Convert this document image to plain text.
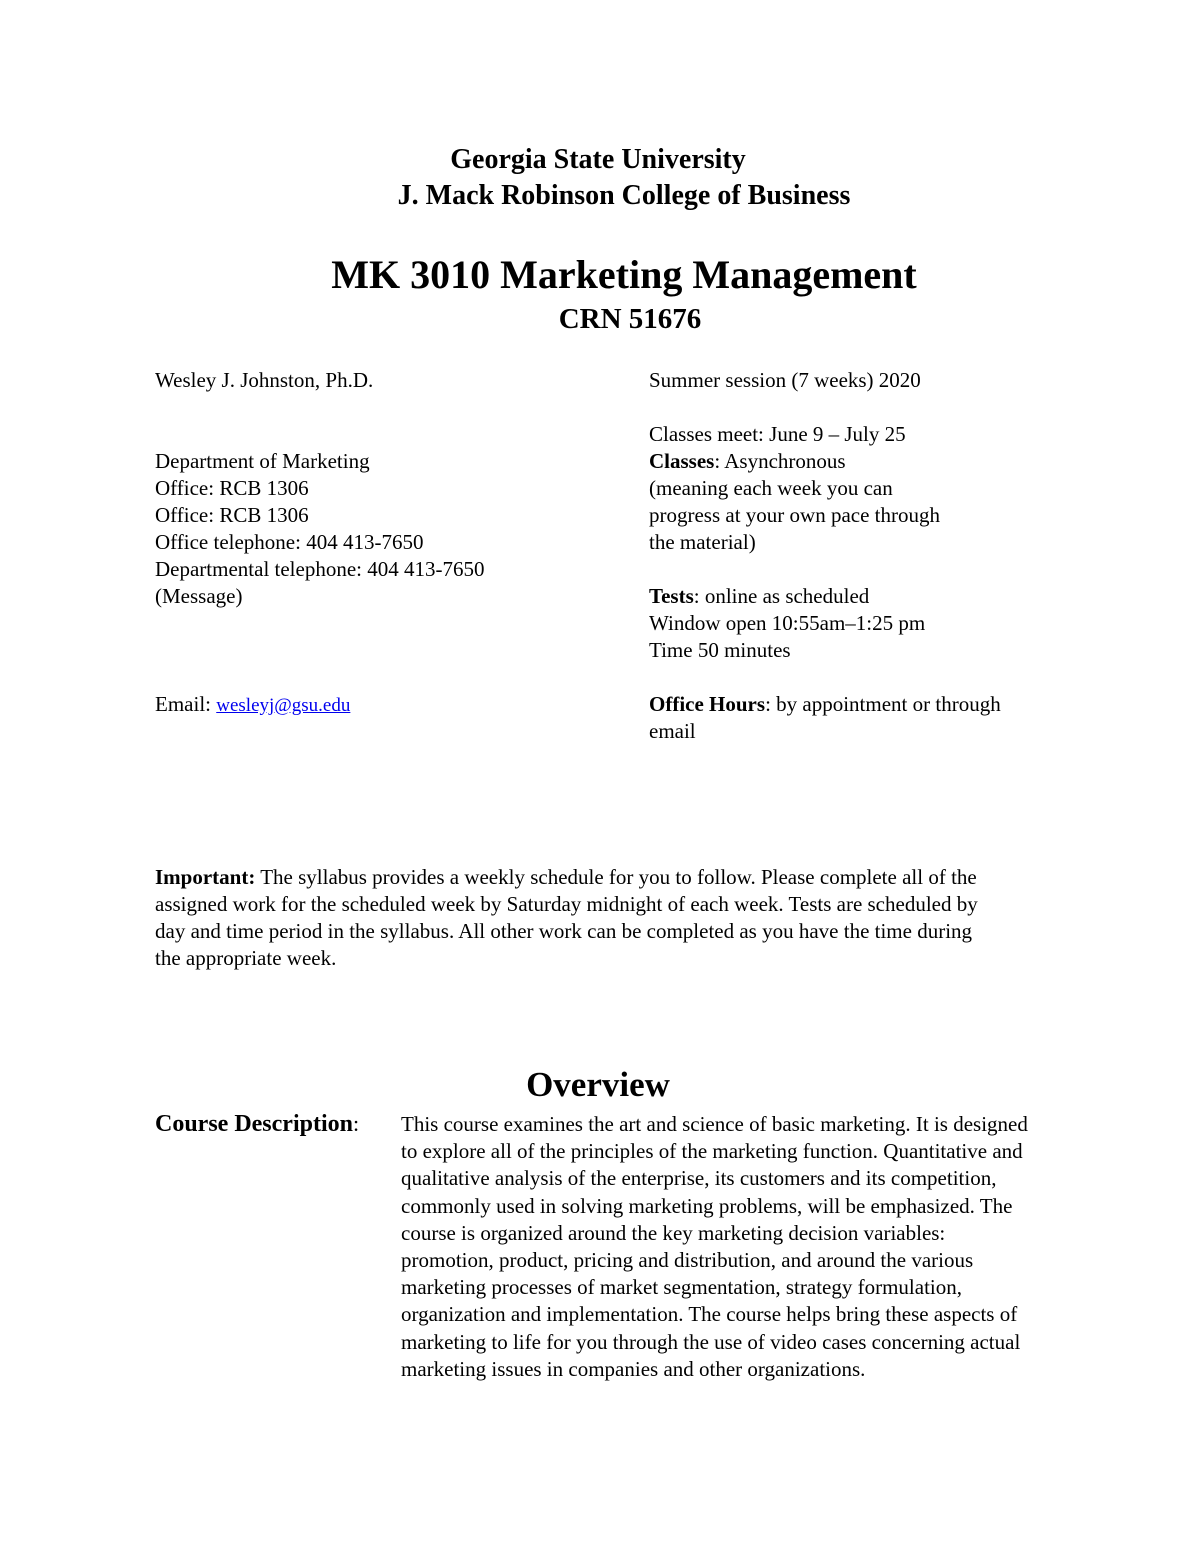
Georgia State University
J. Mack Robinson College of Business
MK 3010 Marketing Management
CRN 51676
Wesley J. Johnston, Ph.D.
Department of Marketing
Office: RCB 1306
Office: RCB 1306
Office telephone: 404 413-7650
Departmental telephone: 404 413-7650
(Message)
Email: wesleyj@gsu.edu
Summer session (7 weeks) 2020
Classes meet: June 9 – July 25
Classes: Asynchronous
(meaning each week you can
progress at your own pace through
the material)
Tests: online as scheduled
Window open 10:55am–1:25 pm
Time 50 minutes
Office Hours: by appointment or through
email
Important: The syllabus provides a weekly schedule for you to follow. Please complete all of the
assigned work for the scheduled week by Saturday midnight of each week. Tests are scheduled by
day and time period in the syllabus. All other work can be completed as you have the time during
the appropriate week.
Overview
Course Description: This course examines the art and science of basic marketing. It is designed
to explore all of the principles of the marketing function. Quantitative and
qualitative analysis of the enterprise, its customers and its competition,
commonly used in solving marketing problems, will be emphasized. The
course is organized around the key marketing decision variables:
promotion, product, pricing and distribution, and around the various
marketing processes of market segmentation, strategy formulation,
organization and implementation. The course helps bring these aspects of
marketing to life for you through the use of video cases concerning actual
marketing issues in companies and other organizations.
